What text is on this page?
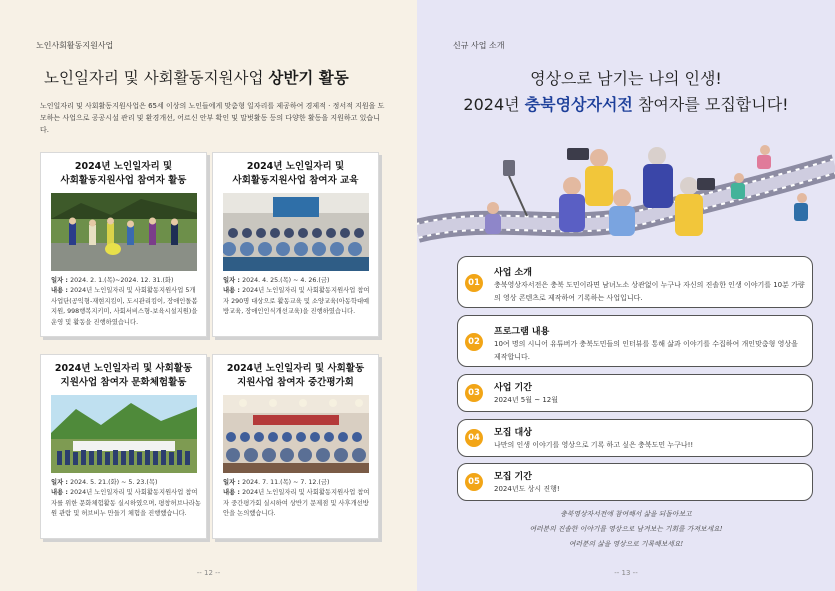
노인사회활동지원사업
노인일자리 및 사회활동지원사업 상반기 활동
노인일자리 및 사회활동지원사업은 65세 이상의 노인들에게 맞춤형 일자리를 제공하여 경제적 · 정서적 지원을 도모하는 사업으로 공공시설 관리 및 환경개선, 어르신 안부 확인 및 말벗활동 등의 다양한 활동을 지원하고 있습니다.
2024년 노인일자리 및
사회활동지원사업 참여자 활동
일자 : 2024. 2. 1.(목)~2024. 12. 31.(화)
내용 : 2024년 노인일자리 및 사회활동지원사업 5개 사업단(공익형-재현지킴이, 도시관리킴이, 장애인돌봄지원, 998행복지키미, 사회서비스형-보육시설지원)을 운영 및 활동을 진행하였습니다.
2024년 노인일자리 및
사회활동지원사업 참여자 교육
일자 : 2024. 4. 25.(목) ~ 4. 26.(금)
내용 : 2024년 노인일자리 및 사회활동지원사업 참여자 290명 대상으로 활동교육 및 소양교육(아동학대예방교육, 장애인인식개선교육)을 진행하였습니다.
2024년 노인일자리 및 사회활동
지원사업 참여자 문화체험활동
일자 : 2024. 5. 21.(화) ~ 5. 23.(목)
내용 : 2024년 노인일자리 및 사회활동지원사업 참여자를 위한 문화체험활동 실시하였으며, 평창허브나라농원 관람 및 허브비누 만들기 체험을 진행했습니다.
2024년 노인일자리 및 사회활동
지원사업 참여자 중간평가회
일자 : 2024. 7. 11.(목) ~ 7. 12.(금)
내용 : 2024년 노인일자리 및 사회활동지원사업 참여자 중간평가회 실시하여 상반기 문제점 및 사후개선방안을 논의했습니다.
-- 12 --
신규 사업 소개
영상으로 남기는 나의 인생!
2024년 충북영상자서전 참여자를 모집합니다!
01
사업 소개

충북영상자서전은 충북 도민이라면 남녀노소 상관없이 누구나 자신의 진솔한 인생 이야기를 10분 가량의 영상 콘텐츠로 제작하여 기록하는 사업입니다.

02
프로그램 내용

10여 명의 시니어 유튜버가 충북도민들의 인터뷰를 통해 삶과 이야기를 수집하여 개인맞춤형 영상을 제작합니다.

03	사업 기간

2024년 5월 ~ 12월

04	모집 대상

나만의 인생 이야기를 영상으로 기록 하고 싶은 충북도민 누구나!!

05	모집 기간

2024년도 상시 진행!

충북영상자서전에 참여해서 삶을 되돌아보고
여러분의 진솔한 이야기를 영상으로 남겨보는 기회를 가져보세요!
여러분의 삶을 영상으로 기록해보세요!
-- 13 --
